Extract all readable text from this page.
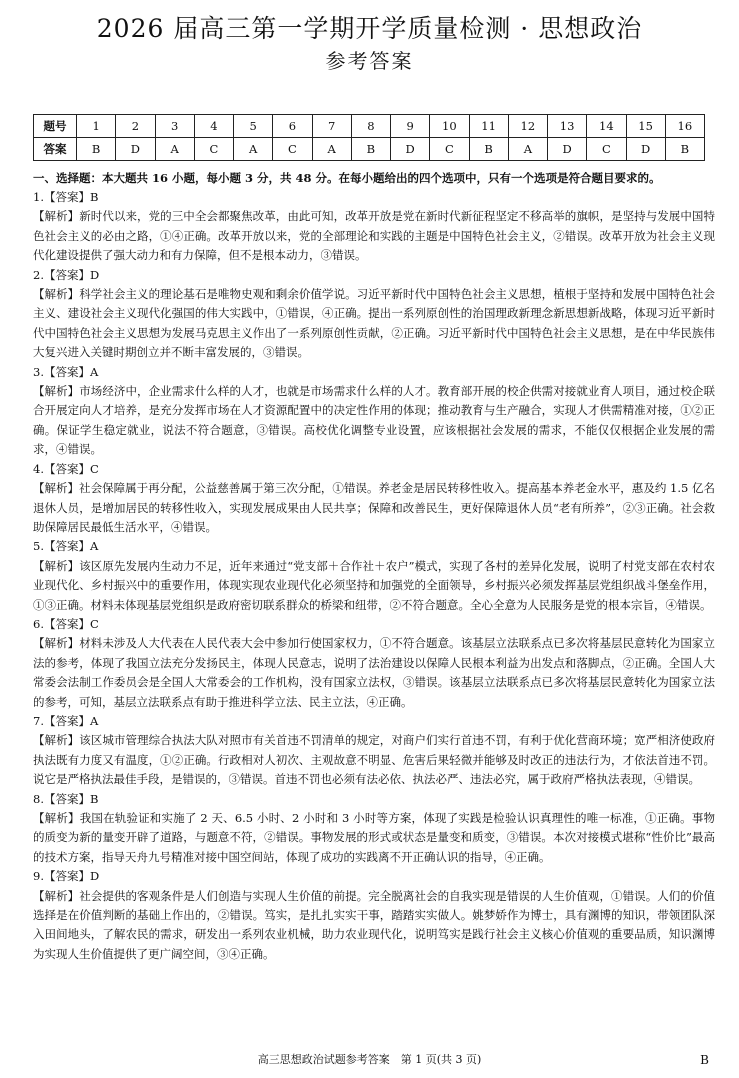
2026 届高三第一学期开学质量检测 · 思想政治
参考答案
题号	1	2	3	4	5	6	7	8	9	10	11	12	13	14	15	16
答案	B	D	A	C	A	C	A	B	D	C	B	A	D	C	D	B
一、选择题：本大题共 16 小题，每小题 3 分，共 48 分。在每小题给出的四个选项中，只有一个选项是符合题目要求的。

1.【答案】B

【解析】新时代以来，党的三中全会都聚焦改革，由此可知，改革开放是党在新时代新征程坚定不移高举的旗帜，是坚持与发展中国特色社会主义的必由之路，①④正确。改革开放以来，党的全部理论和实践的主题是中国特色社会主义，②错误。改革开放为社会主义现代化建设提供了强大动力和有力保障，但不是根本动力，③错误。

2.【答案】D

【解析】科学社会主义的理论基石是唯物史观和剩余价值学说。习近平新时代中国特色社会主义思想，植根于坚持和发展中国特色社会主义、建设社会主义现代化强国的伟大实践中，①错误，④正确。提出一系列原创性的治国理政新理念新思想新战略，体现习近平新时代中国特色社会主义思想为发展马克思主义作出了一系列原创性贡献，②正确。习近平新时代中国特色社会主义思想，是在中华民族伟大复兴进入关键时期创立并不断丰富发展的，③错误。

3.【答案】A

【解析】市场经济中，企业需求什么样的人才，也就是市场需求什么样的人才。教育部开展的校企供需对接就业育人项目，通过校企联合开展定向人才培养，是充分发挥市场在人才资源配置中的决定性作用的体现；推动教育与生产融合，实现人才供需精准对接，①②正确。保证学生稳定就业，说法不符合题意，③错误。高校优化调整专业设置，应该根据社会发展的需求，不能仅仅根据企业发展的需求，④错误。

4.【答案】C

【解析】社会保障属于再分配，公益慈善属于第三次分配，①错误。养老金是居民转移性收入。提高基本养老金水平，惠及约 1.5 亿名退休人员，是增加居民的转移性收入，实现发展成果由人民共享；保障和改善民生，更好保障退休人员“老有所养”，②③正确。社会救助保障居民最低生活水平，④错误。

5.【答案】A

【解析】该区原先发展内生动力不足，近年来通过“党支部＋合作社＋农户”模式，实现了各村的差异化发展，说明了村党支部在农村农业现代化、乡村振兴中的重要作用，体现实现农业现代化必须坚持和加强党的全面领导，乡村振兴必须发挥基层党组织战斗堡垒作用，①③正确。材料未体现基层党组织是政府密切联系群众的桥梁和纽带，②不符合题意。全心全意为人民服务是党的根本宗旨，④错误。

6.【答案】C

【解析】材料未涉及人大代表在人民代表大会中参加行使国家权力，①不符合题意。该基层立法联系点已多次将基层民意转化为国家立法的参考，体现了我国立法充分发扬民主，体现人民意志，说明了法治建设以保障人民根本利益为出发点和落脚点，②正确。全国人大常委会法制工作委员会是全国人大常委会的工作机构，没有国家立法权，③错误。该基层立法联系点已多次将基层民意转化为国家立法的参考，可知，基层立法联系点有助于推进科学立法、民主立法，④正确。

7.【答案】A

【解析】该区城市管理综合执法大队对照市有关首违不罚清单的规定，对商户们实行首违不罚，有利于优化营商环境；宽严相济使政府执法既有力度又有温度，①②正确。行政相对人初次、主观故意不明显、危害后果轻微并能够及时改正的违法行为，才依法首违不罚。说它是严格执法最佳手段，是错误的，③错误。首违不罚也必须有法必依、执法必严、违法必究，属于政府严格执法表现，④错误。

8.【答案】B

【解析】我国在轨验证和实施了 2 天、6.5 小时、2 小时和 3 小时等方案，体现了实践是检验认识真理性的唯一标准，①正确。事物的质变为新的量变开辟了道路，与题意不符，②错误。事物发展的形式或状态是量变和质变，③错误。本次对接模式堪称“性价比”最高的技术方案，指导天舟九号精准对接中国空间站，体现了成功的实践离不开正确认识的指导，④正确。

9.【答案】D

【解析】社会提供的客观条件是人们创造与实现人生价值的前提。完全脱离社会的自我实现是错误的人生价值观，①错误。人们的价值选择是在价值判断的基础上作出的，②错误。笃实，是扎扎实实干事，踏踏实实做人。姚梦娇作为博士，具有渊博的知识，带领团队深入田间地头，了解农民的需求，研发出一系列农业机械，助力农业现代化，说明笃实是践行社会主义核心价值观的重要品质，知识渊博为实现人生价值提供了更广阔空间，③④正确。

高三思想政治试题参考答案　第 1 页(共 3 页)	B
